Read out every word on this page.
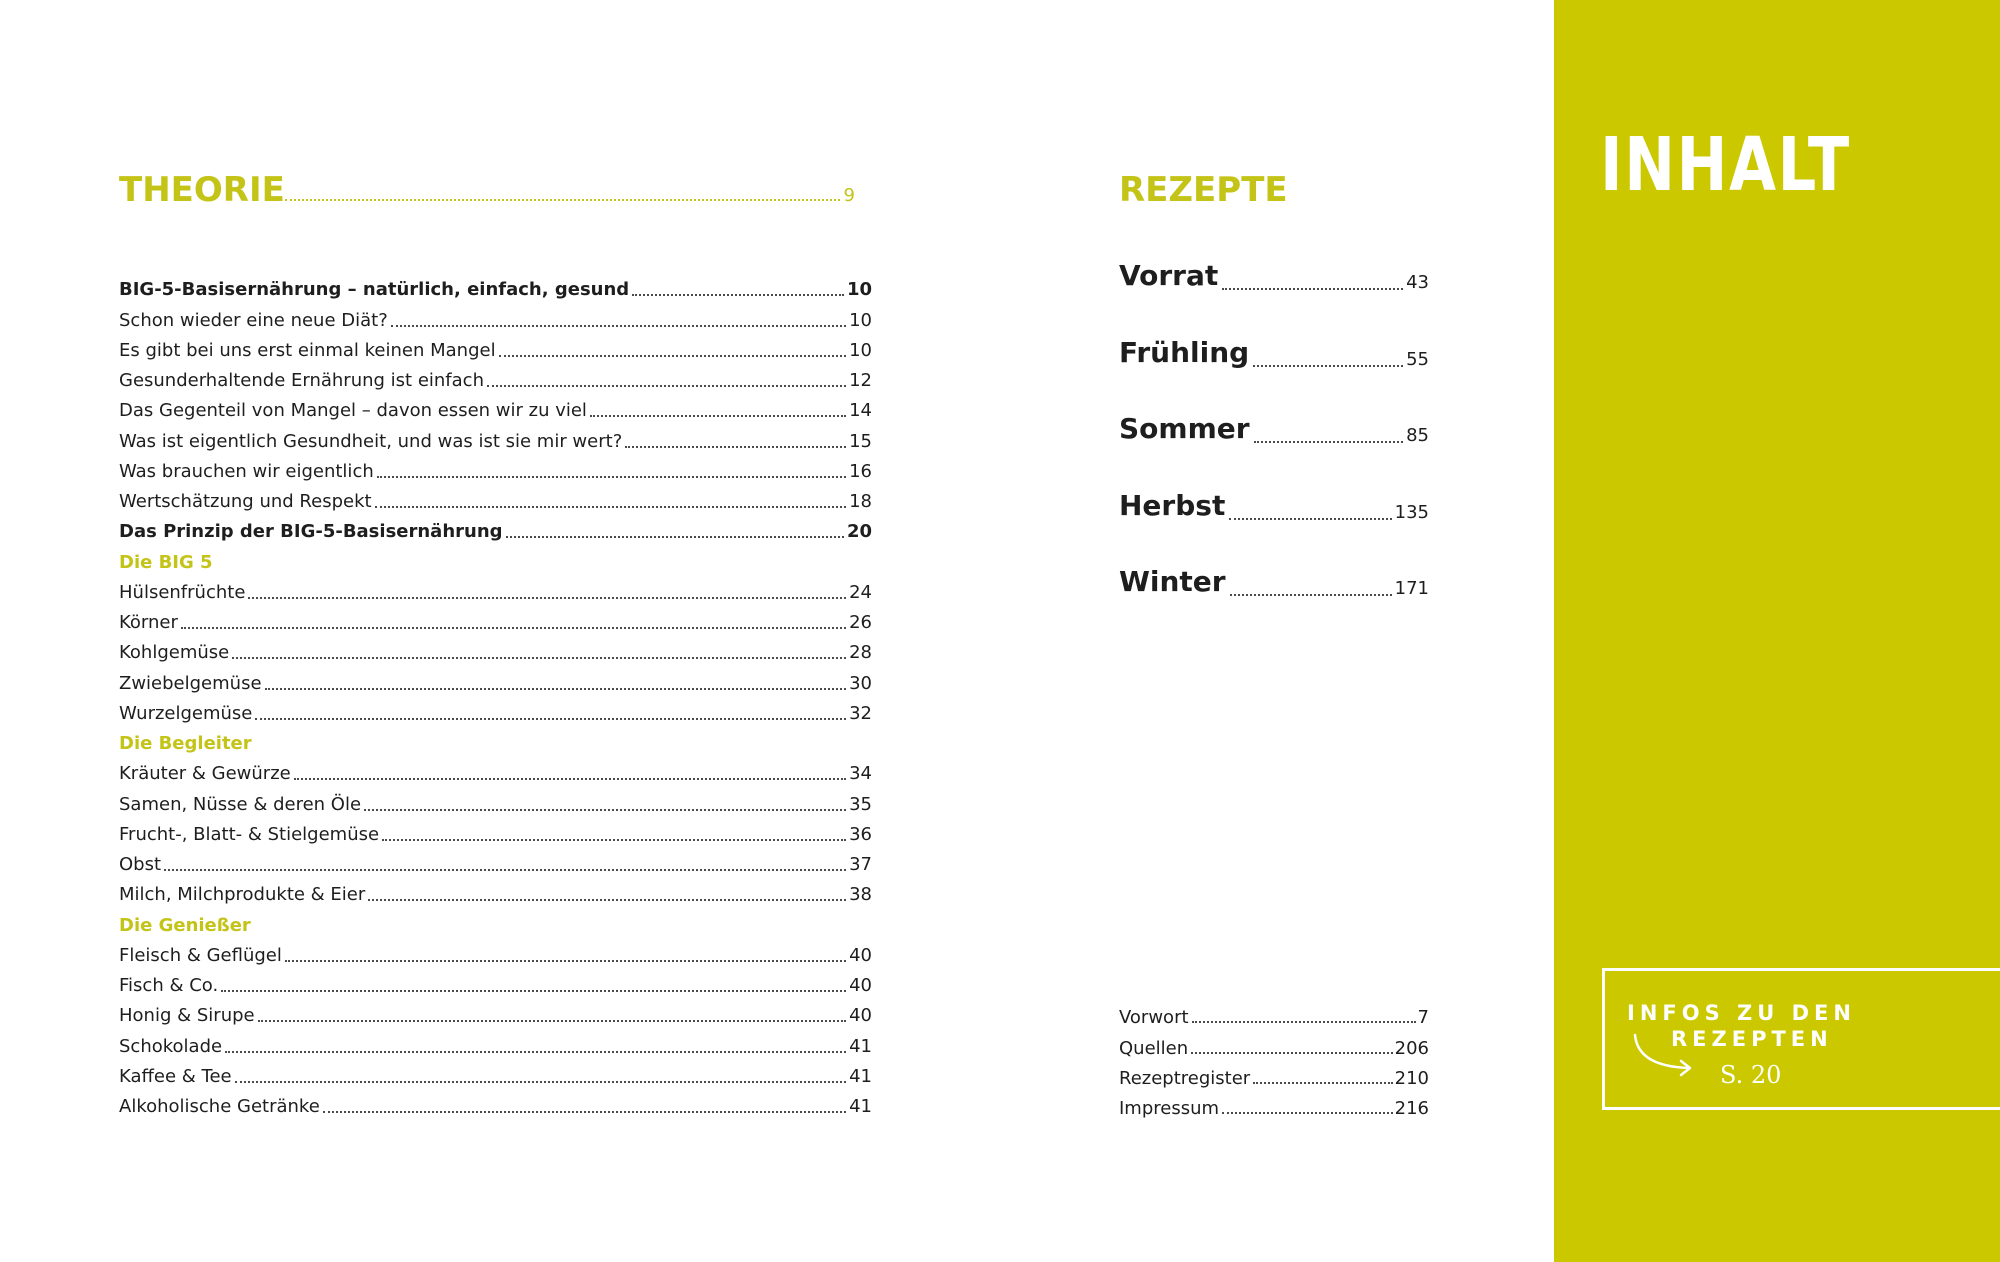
THEORIE	9
BIG-5-Basisernährung – natürlich, einfach, gesund	10
Schon wieder eine neue Diät?	10
Es gibt bei uns erst einmal keinen Mangel	10
Gesunderhaltende Ernährung ist einfach	12
Das Gegenteil von Mangel – davon essen wir zu viel	14
Was ist eigentlich Gesundheit, und was ist sie mir wert?	15
Was brauchen wir eigentlich	16
Wertschätzung und Respekt	18
Das Prinzip der BIG-5-Basisernährung	20
Die BIG 5
Hülsenfrüchte	24
Körner	26
Kohlgemüse	28
Zwiebelgemüse	30
Wurzelgemüse	32
Die Begleiter
Kräuter & Gewürze	34
Samen, Nüsse & deren Öle	35
Frucht-, Blatt- & Stielgemüse	36
Obst	37
Milch, Milchprodukte & Eier	38
Die Genießer
Fleisch & Geflügel	40
Fisch & Co.	40
Honig & Sirupe	40
Schokolade	41
Kaffee & Tee	41
Alkoholische Getränke	41
REZEPTE
Vorrat	43
Frühling	55
Sommer	85
Herbst	135
Winter	171
Vorwort	7
Quellen	206
Rezeptregister	210
Impressum	216
INHALT
INFOS ZU DEN
REZEPTEN
S. 20
